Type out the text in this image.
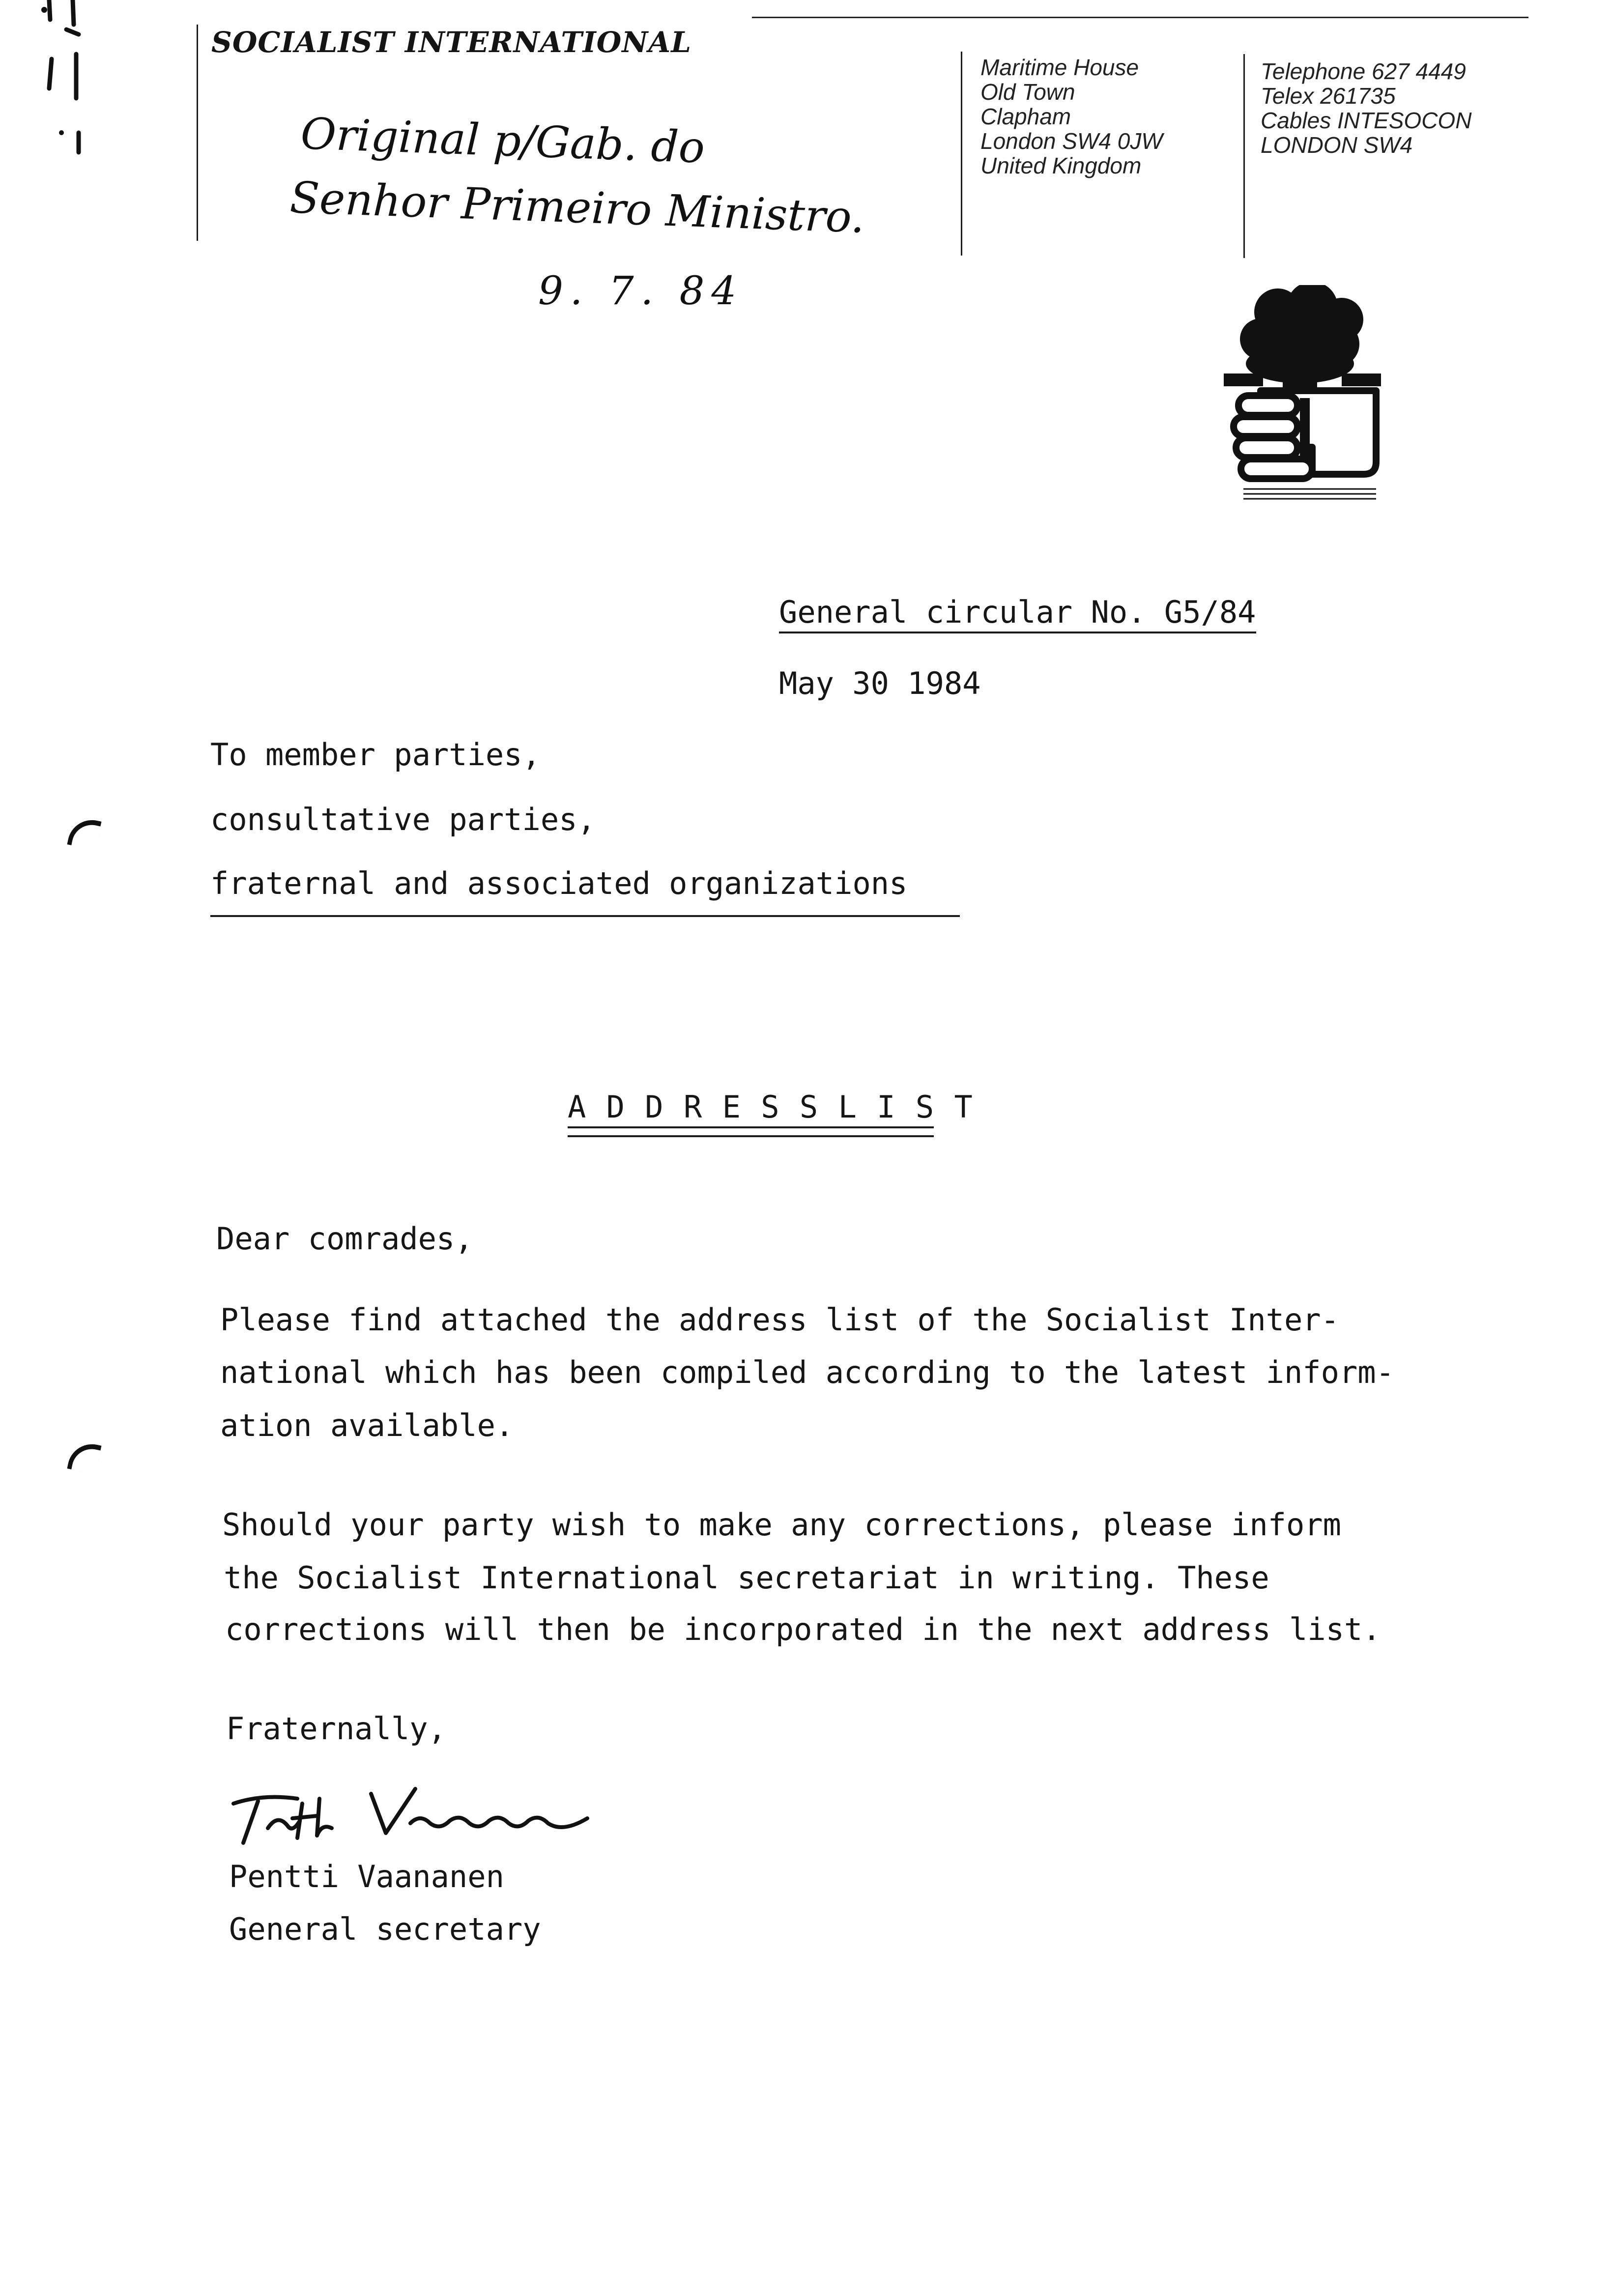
SOCIALIST INTERNATIONAL
Maritime House
Old Town
Clapham
London SW4 0JW
United Kingdom
Telephone 627 4449
Telex 261735
Cables INTESOCON
LONDON SW4
Original p/Gab. do
Senhor Primeiro Ministro.
9. 7. 84
General circular No. G5/84
May 30 1984
To member parties,
consultative parties,
fraternal and associated organizations
A D D R E S S L I S T
Dear comrades,
Please find attached the address list of the Socialist Inter-
national which has been compiled according to the latest inform-
ation available.
Should your party wish to make any corrections, please inform
the Socialist International secretariat in writing. These
corrections will then be incorporated in the next address list.
Fraternally,
Pentti Vaananen
General secretary
